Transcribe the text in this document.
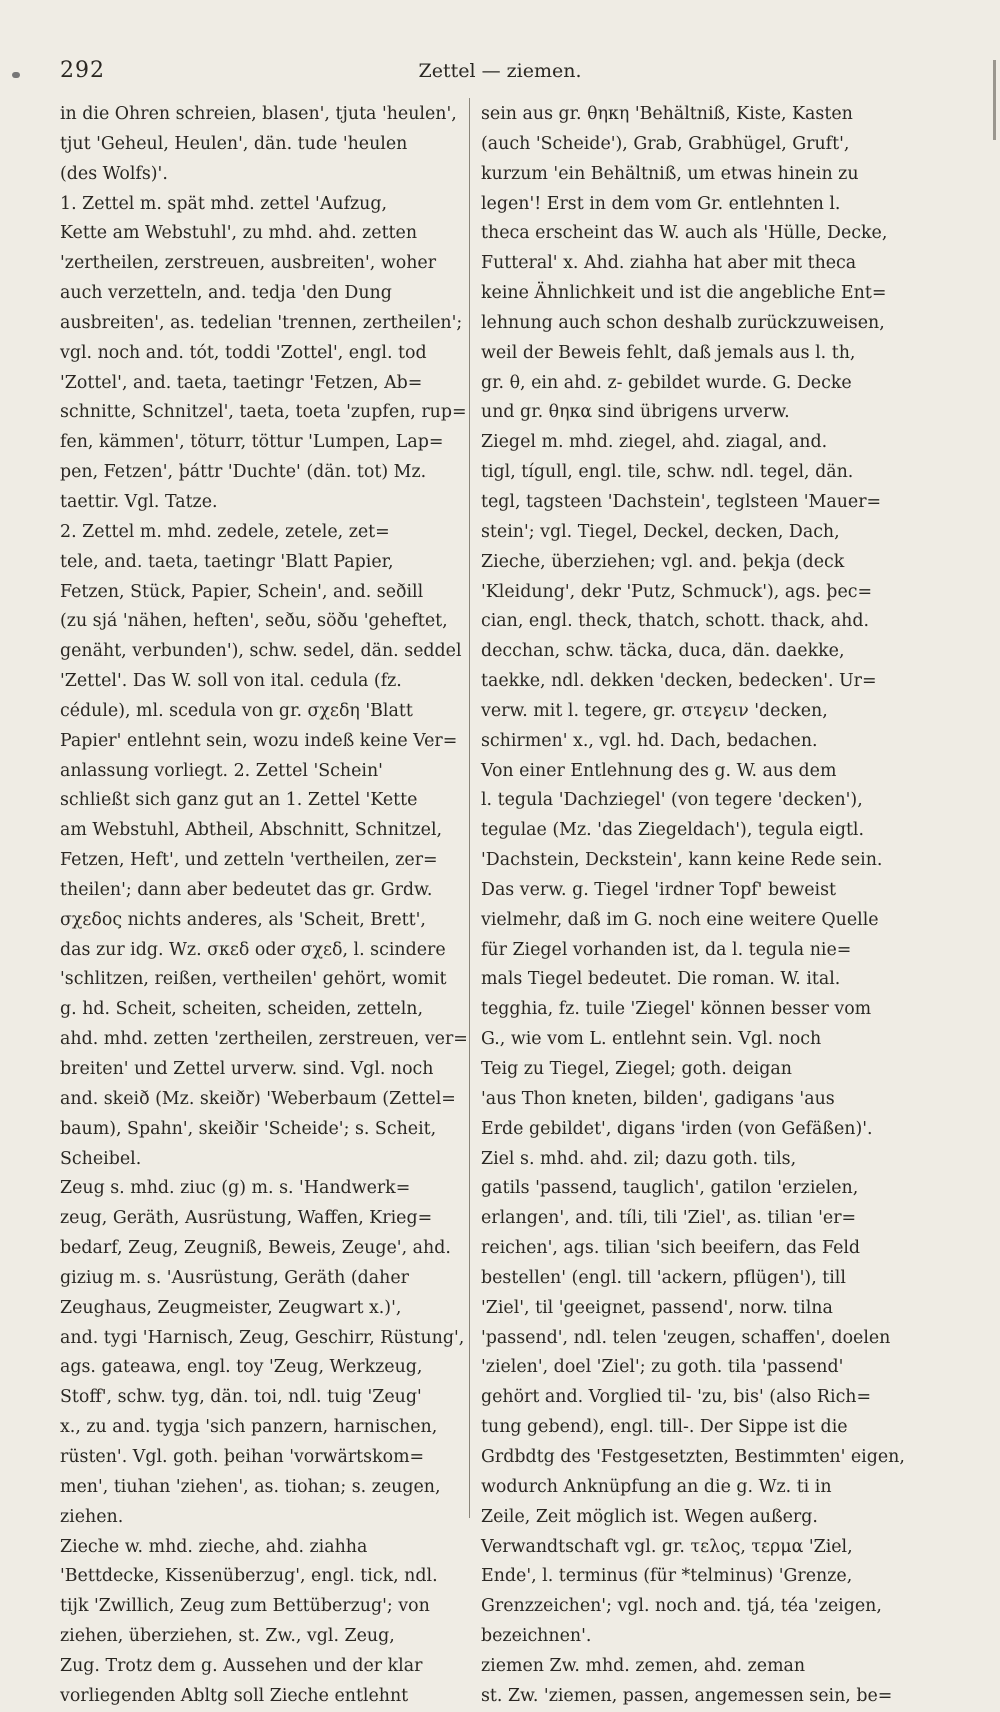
292	Zettel — ziemen.
in die Ohren schreien, blasen', tjuta 'heulen',
tjut 'Geheul, Heulen', dän. tude 'heulen
(des Wolfs)'.
1. Zettel m. spät mhd. zettel 'Aufzug,
Kette am Webstuhl', zu mhd. ahd. zetten
'zertheilen, zerstreuen, ausbreiten', woher
auch verzetteln, and. tedja 'den Dung
ausbreiten', as. tedelian 'trennen, zertheilen';
vgl. noch and. tót, toddi 'Zottel', engl. tod
'Zottel', and. taeta, taetingr 'Fetzen, Ab=
schnitte, Schnitzel', taeta, toeta 'zupfen, rup=
fen, kämmen', töturr, töttur 'Lumpen, Lap=
pen, Fetzen', þáttr 'Duchte' (dän. tot) Mz.
taettir. Vgl. Tatze.
2. Zettel m. mhd. zedele, zetele, zet=
tele, and. taeta, taetingr 'Blatt Papier,
Fetzen, Stück, Papier, Schein', and. seðill
(zu sjá 'nähen, heften', seðu, söðu 'geheftet,
genäht, verbunden'), schw. sedel, dän. seddel
'Zettel'. Das W. soll von ital. cedula (fz.
cédule), ml. scedula von gr. σχεδη 'Blatt
Papier' entlehnt sein, wozu indeß keine Ver=
anlassung vorliegt. 2. Zettel 'Schein'
schließt sich ganz gut an 1. Zettel 'Kette
am Webstuhl, Abtheil, Abschnitt, Schnitzel,
Fetzen, Heft', und zetteln 'vertheilen, zer=
theilen'; dann aber bedeutet das gr. Grdw.
σχεδος nichts anderes, als 'Scheit, Brett',
das zur idg. Wz. σκεδ oder σχεδ, l. scindere
'schlitzen, reißen, vertheilen' gehört, womit
g. hd. Scheit, scheiten, scheiden, zetteln,
ahd. mhd. zetten 'zertheilen, zerstreuen, ver=
breiten' und Zettel urverw. sind. Vgl. noch
and. skeið (Mz. skeiðr) 'Weberbaum (Zettel=
baum), Spahn', skeiðir 'Scheide'; s. Scheit,
Scheibel.
Zeug s. mhd. ziuc (g) m. s. 'Handwerk=
zeug, Geräth, Ausrüstung, Waffen, Krieg=
bedarf, Zeug, Zeugniß, Beweis, Zeuge', ahd.
giziug m. s. 'Ausrüstung, Geräth (daher
Zeughaus, Zeugmeister, Zeugwart x.)',
and. tygi 'Harnisch, Zeug, Geschirr, Rüstung',
ags. gateawa, engl. toy 'Zeug, Werkzeug,
Stoff', schw. tyg, dän. toi, ndl. tuig 'Zeug'
x., zu and. tygja 'sich panzern, harnischen,
rüsten'. Vgl. goth. þeihan 'vorwärtskom=
men', tiuhan 'ziehen', as. tiohan; s. zeugen,
ziehen.
Zieche w. mhd. zieche, ahd. ziahha
'Bettdecke, Kissenüberzug', engl. tick, ndl.
tijk 'Zwillich, Zeug zum Bettüberzug'; von
ziehen, überziehen, st. Zw., vgl. Zeug,
Zug. Trotz dem g. Aussehen und der klar
vorliegenden Abltg soll Zieche entlehnt
sein aus gr. θηκη 'Behältniß, Kiste, Kasten
(auch 'Scheide'), Grab, Grabhügel, Gruft',
kurzum 'ein Behältniß, um etwas hinein zu
legen'! Erst in dem vom Gr. entlehnten l.
theca erscheint das W. auch als 'Hülle, Decke,
Futteral' x. Ahd. ziahha hat aber mit theca
keine Ähnlichkeit und ist die angebliche Ent=
lehnung auch schon deshalb zurückzuweisen,
weil der Beweis fehlt, daß jemals aus l. th,
gr. θ, ein ahd. z- gebildet wurde. G. Decke
und gr. θηκα sind übrigens urverw.
Ziegel m. mhd. ziegel, ahd. ziagal, and.
tigl, tígull, engl. tile, schw. ndl. tegel, dän.
tegl, tagsteen 'Dachstein', teglsteen 'Mauer=
stein'; vgl. Tiegel, Deckel, decken, Dach,
Zieche, überziehen; vgl. and. þekja (deck
'Kleidung', dekr 'Putz, Schmuck'), ags. þec=
cian, engl. theck, thatch, schott. thack, ahd.
decchan, schw. täcka, duca, dän. daekke,
taekke, ndl. dekken 'decken, bedecken'. Ur=
verw. mit l. tegere, gr. στεγειν 'decken,
schirmen' x., vgl. hd. Dach, bedachen.
Von einer Entlehnung des g. W. aus dem
l. tegula 'Dachziegel' (von tegere 'decken'),
tegulae (Mz. 'das Ziegeldach'), tegula eigtl.
'Dachstein, Deckstein', kann keine Rede sein.
Das verw. g. Tiegel 'irdner Topf' beweist
vielmehr, daß im G. noch eine weitere Quelle
für Ziegel vorhanden ist, da l. tegula nie=
mals Tiegel bedeutet. Die roman. W. ital.
tegghia, fz. tuile 'Ziegel' können besser vom
G., wie vom L. entlehnt sein. Vgl. noch
Teig zu Tiegel, Ziegel; goth. deigan
'aus Thon kneten, bilden', gadigans 'aus
Erde gebildet', digans 'irden (von Gefäßen)'.
Ziel s. mhd. ahd. zil; dazu goth. tils,
gatils 'passend, tauglich', gatilon 'erzielen,
erlangen', and. tíli, tili 'Ziel', as. tilian 'er=
reichen', ags. tilian 'sich beeifern, das Feld
bestellen' (engl. till 'ackern, pflügen'), till
'Ziel', til 'geeignet, passend', norw. tilna
'passend', ndl. telen 'zeugen, schaffen', doelen
'zielen', doel 'Ziel'; zu goth. tila 'passend'
gehört and. Vorglied til- 'zu, bis' (also Rich=
tung gebend), engl. till-. Der Sippe ist die
Grdbdtg des 'Festgesetzten, Bestimmten' eigen,
wodurch Anknüpfung an die g. Wz. ti in
Zeile, Zeit möglich ist. Wegen außerg.
Verwandtschaft vgl. gr. τελος, τερμα 'Ziel,
Ende', l. terminus (für *telminus) 'Grenze,
Grenzzeichen'; vgl. noch and. tjá, téa 'zeigen,
bezeichnen'.
ziemen Zw. mhd. zemen, ahd. zeman
st. Zw. 'ziemen, passen, angemessen sein, be=
